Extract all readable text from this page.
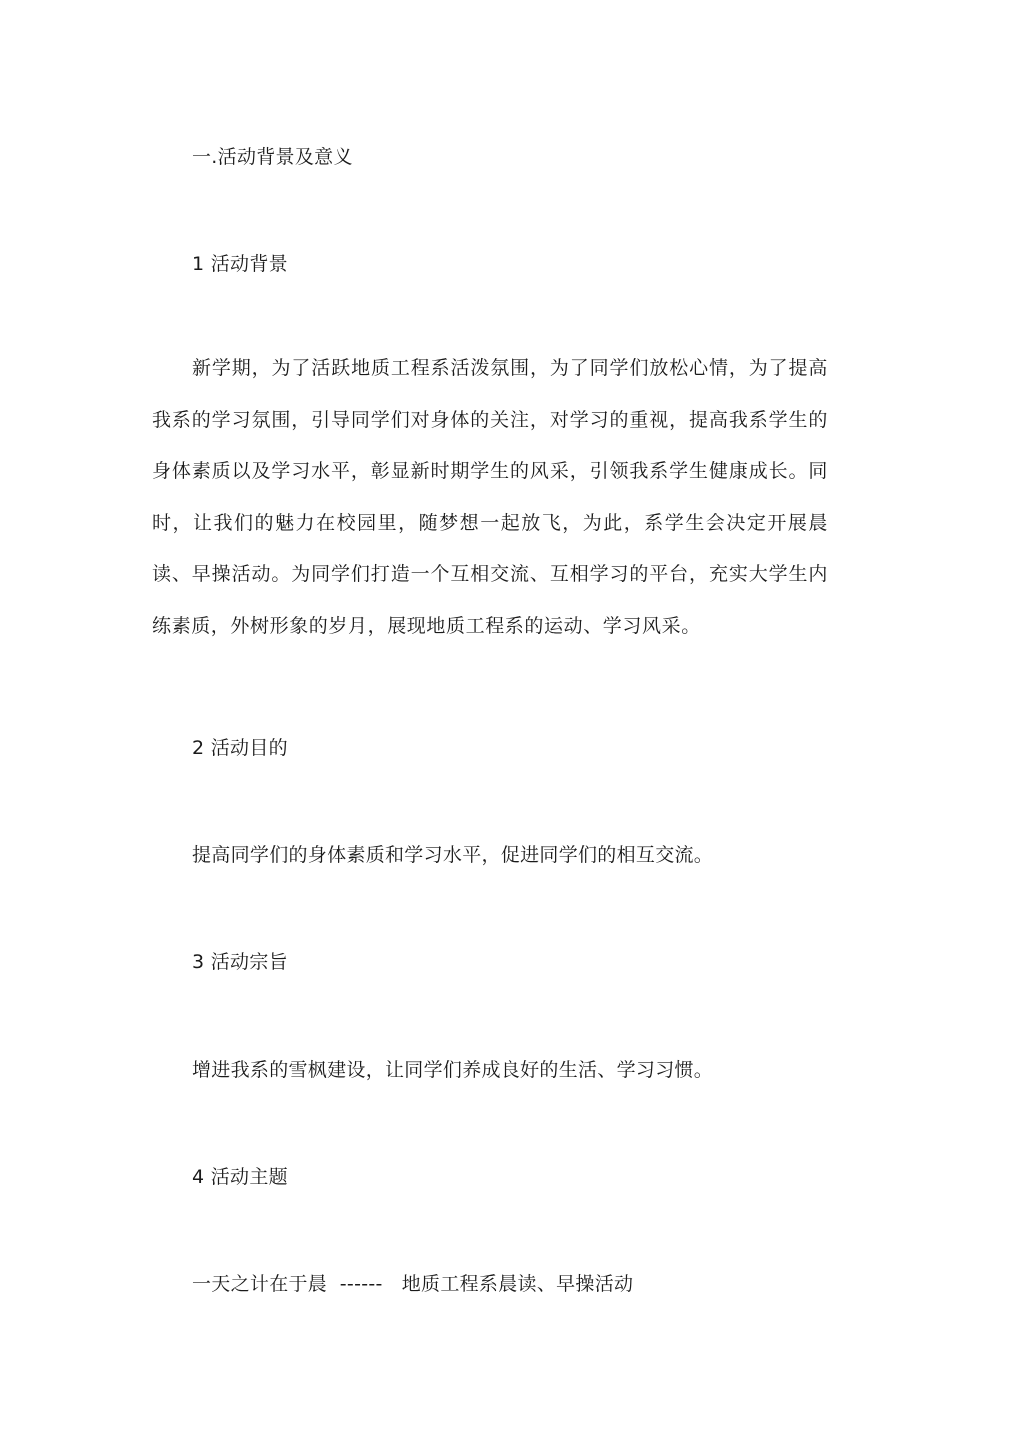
一.活动背景及意义
1 活动背景

新学期，为了活跃地质工程系活泼氛围，为了同学们放松心情，为了提高我系的学习氛围，引导同学们对身体的关注，对学习的重视，提高我系学生的身体素质以及学习水平，彰显新时期学生的风采，引领我系学生健康成长。同时，让我们的魅力在校园里，随梦想一起放飞，为此，系学生会决定开展晨读、早操活动。为同学们打造一个互相交流、互相学习的平台，充实大学生内练素质，外树形象的岁月，展现地质工程系的运动、学习风采。

2 活动目的
提高同学们的身体素质和学习水平，促进同学们的相互交流。
3 活动宗旨
增进我系的雪枫建设，让同学们养成良好的生活、学习习惯。
4 活动主题
一天之计在于晨  ------   地质工程系晨读、早操活动
